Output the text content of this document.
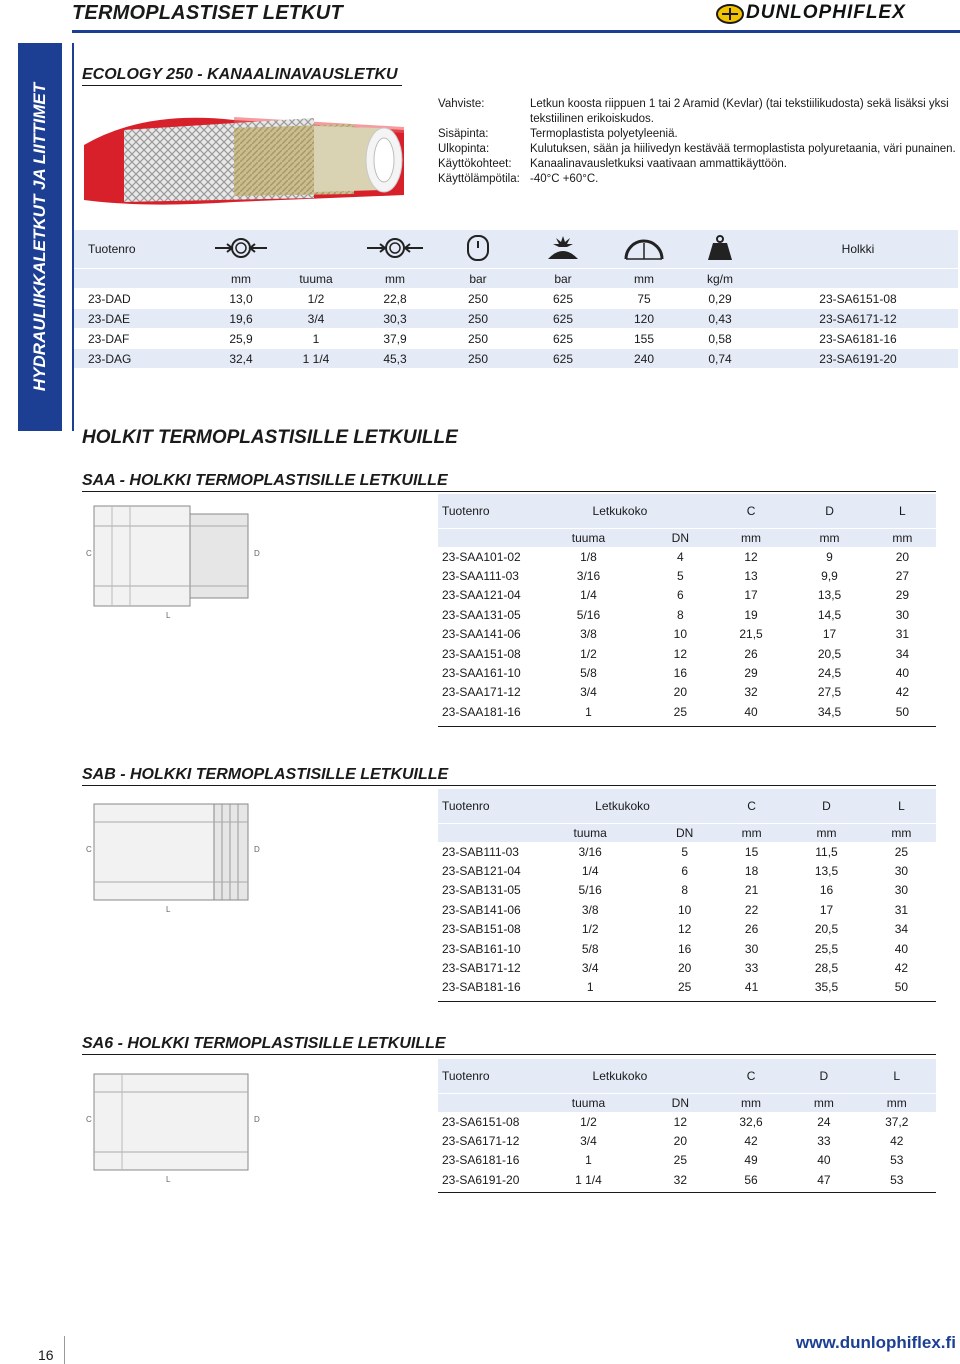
TERMOPLASTISET LETKUT	DUNLOPHIFLEX
HYDRAULIIKKALETKUT JA LIITTIMET
ECOLOGY 250 - KANAALINAVAUSLETKU
Vahviste:	Letkun koosta riippuen 1 tai 2 Aramid (Kevlar) (tai tekstiilikudosta) sekä lisäksi yksi
tekstiilinen erikoiskudos.
Sisäpinta:	Termoplastista polyetyleeniä.
Ulkopinta:	Kulutuksen, sään ja hiilivedyn kestävää termoplastista polyuretaania, väri punainen.
Käyttökohteet:	Kanaalinavausletkuksi vaativaan ammattikäyttöön.
Käyttölämpötila: -40°C +60°C.
Tuotenro								Holkki

	mm	tuuma	mm	bar	bar	mm	kg/m	

23-DAD	13,0	1/2	22,8	250	625	75	0,29	23-SA6151-08

23-DAE	19,6	3/4	30,3	250	625	120	0,43	23-SA6171-12

23-DAF	25,9	1	37,9	250	625	155	0,58	23-SA6181-16

23-DAG	32,4	1 1/4	45,3	250	625	240	0,74	23-SA6191-20

HOLKIT TERMOPLASTISILLE LETKUILLE
SAA - HOLKKI TERMOPLASTISILLE LETKUILLE
C	D
L
Tuotenro	Letkukoko		C	D	L

	tuuma	DN	mm	mm	mm
23-SAA101-02	1/8	4	12	9	20
23-SAA111-03	3/16	5	13	9,9	27
23-SAA121-04	1/4	6	17	13,5	29
23-SAA131-05	5/16	8	19	14,5	30
23-SAA141-06	3/8	10	21,5	17	31
23-SAA151-08	1/2	12	26	20,5	34
23-SAA161-10	5/8	16	29	24,5	40
23-SAA171-12	3/4	20	32	27,5	42
23-SAA181-16	1	25	40	34,5	50
SAB - HOLKKI TERMOPLASTISILLE LETKUILLE
C	D
L
Tuotenro	Letkukoko		C	D	L

	tuuma	DN	mm	mm	mm
23-SAB111-03	3/16	5	15	11,5	25
23-SAB121-04	1/4	6	18	13,5	30
23-SAB131-05	5/16	8	21	16	30
23-SAB141-06	3/8	10	22	17	31
23-SAB151-08	1/2	12	26	20,5	34
23-SAB161-10	5/8	16	30	25,5	40
23-SAB171-12	3/4	20	33	28,5	42
23-SAB181-16	1	25	41	35,5	50
SA6 - HOLKKI TERMOPLASTISILLE LETKUILLE
C	D
L
Tuotenro	Letkukoko		C	D	L

	tuuma	DN	mm	mm	mm
23-SA6151-08	1/2	12	32,6	24	37,2
23-SA6171-12	3/4	20	42	33	42
23-SA6181-16	1	25	49	40	53
23-SA6191-20	1 1/4	32	56	47	53
16
www.dunlophiflex.fi
